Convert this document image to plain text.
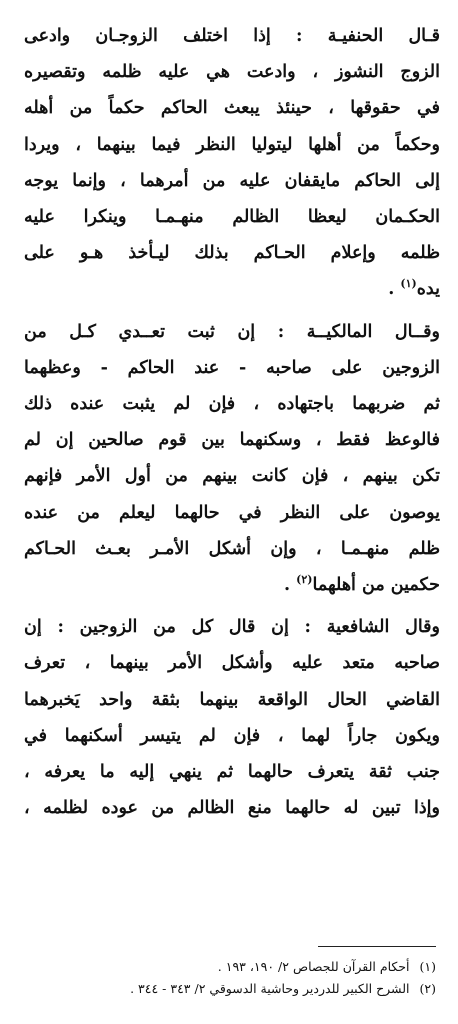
قـال الحنفيـة : إذا اختلف الزوجـان وادعى
الزوج النشوز ، وادعت هي عليه ظلمه وتقصيره
في حقوقها ، حينئذ يبعث الحاكم حكماً من أهله
وحكماً من أهلها ليتوليا النظر فيما بينهما ، ويردا
إلى الحاكم مايقفان عليه من أمرهما ، وإنما يوجه
الحكـمان ليعظا الظالم منهـمـا وينكرا عليه
ظلمه وإعلام الحـاكم بذلك ليـأخذ هـو على
يده$^{(١)}$ .

وقــال المالكيــة : إن ثبت تعــدي كـل من
الزوجين على صاحبه - عند الحاكم - وعظهما
ثم ضربهما باجتهاده ، فإن لم يثبت عنده ذلك
فالوعظ فقط ، وسكنهما بين قوم صالحين إن لم
تكن بينهم ، فإن كانت بينهم من أول الأمر فإنهم
يوصون على النظر في حالهما ليعلم من عنده
ظلم منهـمـا ، وإن أشكل الأمـر بعـث الحـاكم
حكمين من أهلهما$^{(٢)}$ .

وقال الشافعية : إن قال كل من الزوجين : إن
صاحبه متعد عليه وأشكل الأمر بينهما ، تعرف
القاضي الحال الواقعة بينهما بثقة واحد يَخبرهما
ويكون جاراً لهما ، فإن لم يتيسر أسكنهما في
جنب ثقة يتعرف حالهما ثم ينهي إليه ما يعرفه ،
وإذا تبين له حالهما منع الظالم من عوده لظلمه ،

(١)أحكام القرآن للجصاص ٢/ ١٩٠، ١٩٣ .
(٢)الشرح الكبير للدردير وحاشية الدسوقي ٢/ ٣٤٣ - ٣٤٤ .
